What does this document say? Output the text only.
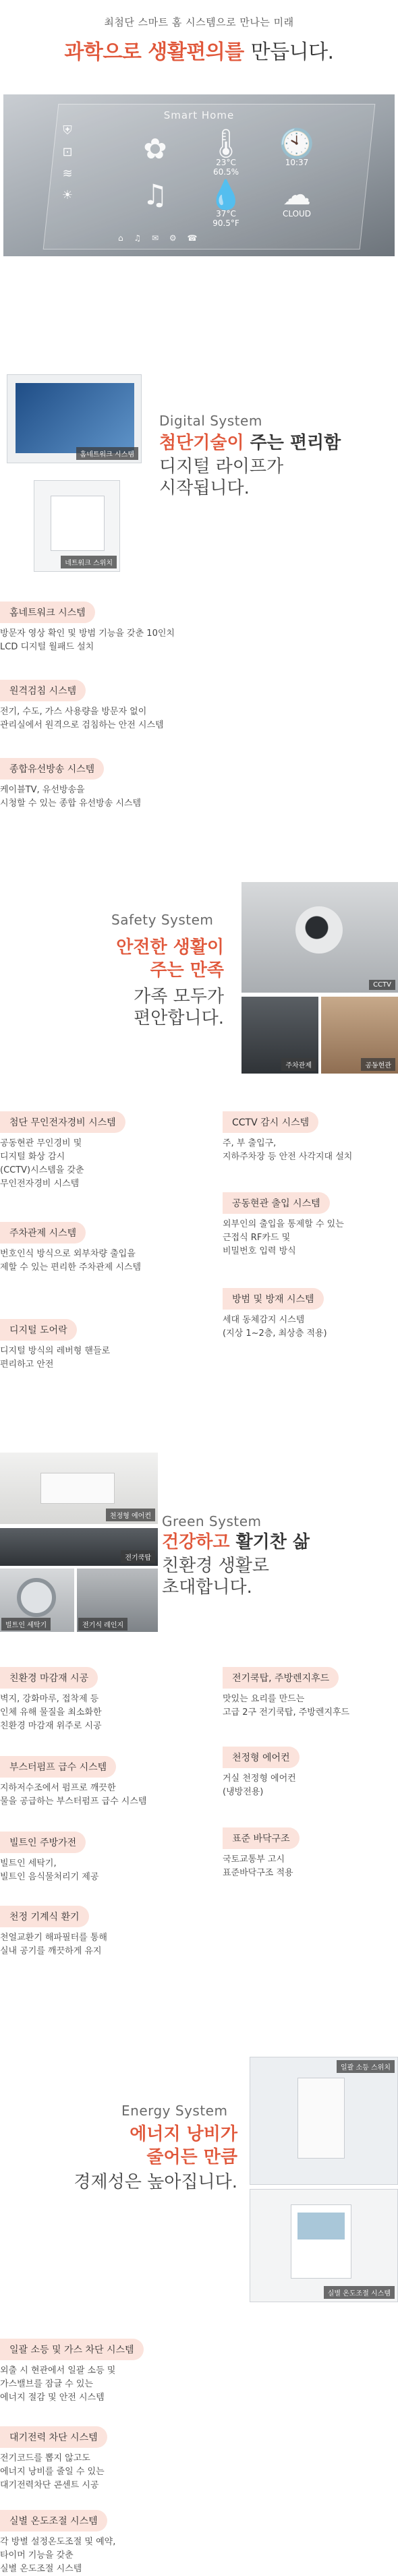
최첨단 스마트 홈 시스템으로 만나는 미래
과학으로 생활편의를 만듭니다.
Smart Home
⛨
⊡
≋
☀
✿	🌡
23°C
60.5%
🕙
10:37
♫	💧
37°C
90.5°F
☁
CLOUD
⌂ ♫ ✉ ⚙ ☎
홈네트워크 시스템
네트워크 스위치
Digital System
첨단기술이 주는 편리함
디지털 라이프가
시작됩니다.
홈네트워크 시스템
방문자 영상 확인 및 방범 기능을 갖춘 10인치
LCD 디지털 월패드 설치
원격검침 시스템
전기, 수도, 가스 사용량을 방문자 없이
관리실에서 원격으로 검침하는 안전 시스템
종합유선방송 시스템
케이블TV, 유선방송을
시청할 수 있는 종합 유선방송 시스템
Safety System
안전한 생활이
주는 만족
가족 모두가
편안합니다.
CCTV
주차관제	공동현관
첨단 무인전자경비 시스템
공동현관 무인경비 및
디지털 화상 감시
(CCTV)시스템을 갖춘
무인전자경비 시스템
주차관제 시스템
번호인식 방식으로 외부차량 출입을
제할 수 있는 편리한 주차관제 시스템
디지털 도어락
디지털 방식의 레버형 핸들로
편리하고 안전
CCTV 감시 시스템
주, 부 출입구,
지하주차장 등 안전 사각지대 설치
공동현관 출입 시스템
외부인의 출입을 통제할 수 있는
근접식 RF카드 및
비밀번호 입력 방식
방범 및 방재 시스템
세대 동체감지 시스템
(지상 1~2층, 최상층 적용)
천정형 에어컨
전기쿡탑
빌트인 세탁기	전기식 레인지
Green System
건강하고 활기찬 삶
친환경 생활로
초대합니다.
친환경 마감재 시공
벽지, 강화마루, 접착제 등
인체 유해 물질을 최소화한
친환경 마감재 위주로 시공
부스터펌프 급수 시스템
지하저수조에서 펌프로 깨끗한
물을 공급하는 부스터펌프 급수 시스템
빌트인 주방가전
빌트인 세탁기,
빌트인 음식물처리기 제공
천정 기계식 환기
천얼교환기 해파필터를 통해
실내 공기를 깨끗하게 유지
전기쿡탑, 주방렌지후드
맛있는 요리를 만드는
고급 2구 전기쿡탑, 주방렌지후드
천정형 에어컨
거실 천정형 에어컨
(냉방전용)
표준 바닥구조
국토교통부 고시
표준바닥구조 적용
Energy System
에너지 낭비가
줄어든 만큼
경제성은 높아집니다.
일괄 소등 스위치
실별 온도조절 시스템
일괄 소등 및 가스 차단 시스템
외출 시 현관에서 일괄 소등 및
가스밸브를 잠글 수 있는
에너지 절감 및 안전 시스템
대기전력 차단 시스템
전기코드를 뽑지 않고도
에너지 낭비를 줄일 수 있는
대기전력차단 콘센트 시공
실별 온도조절 시스템
각 방별 설정온도조절 및 예약,
타이머 기능을 갖춘
실별 온도조절 시스템
